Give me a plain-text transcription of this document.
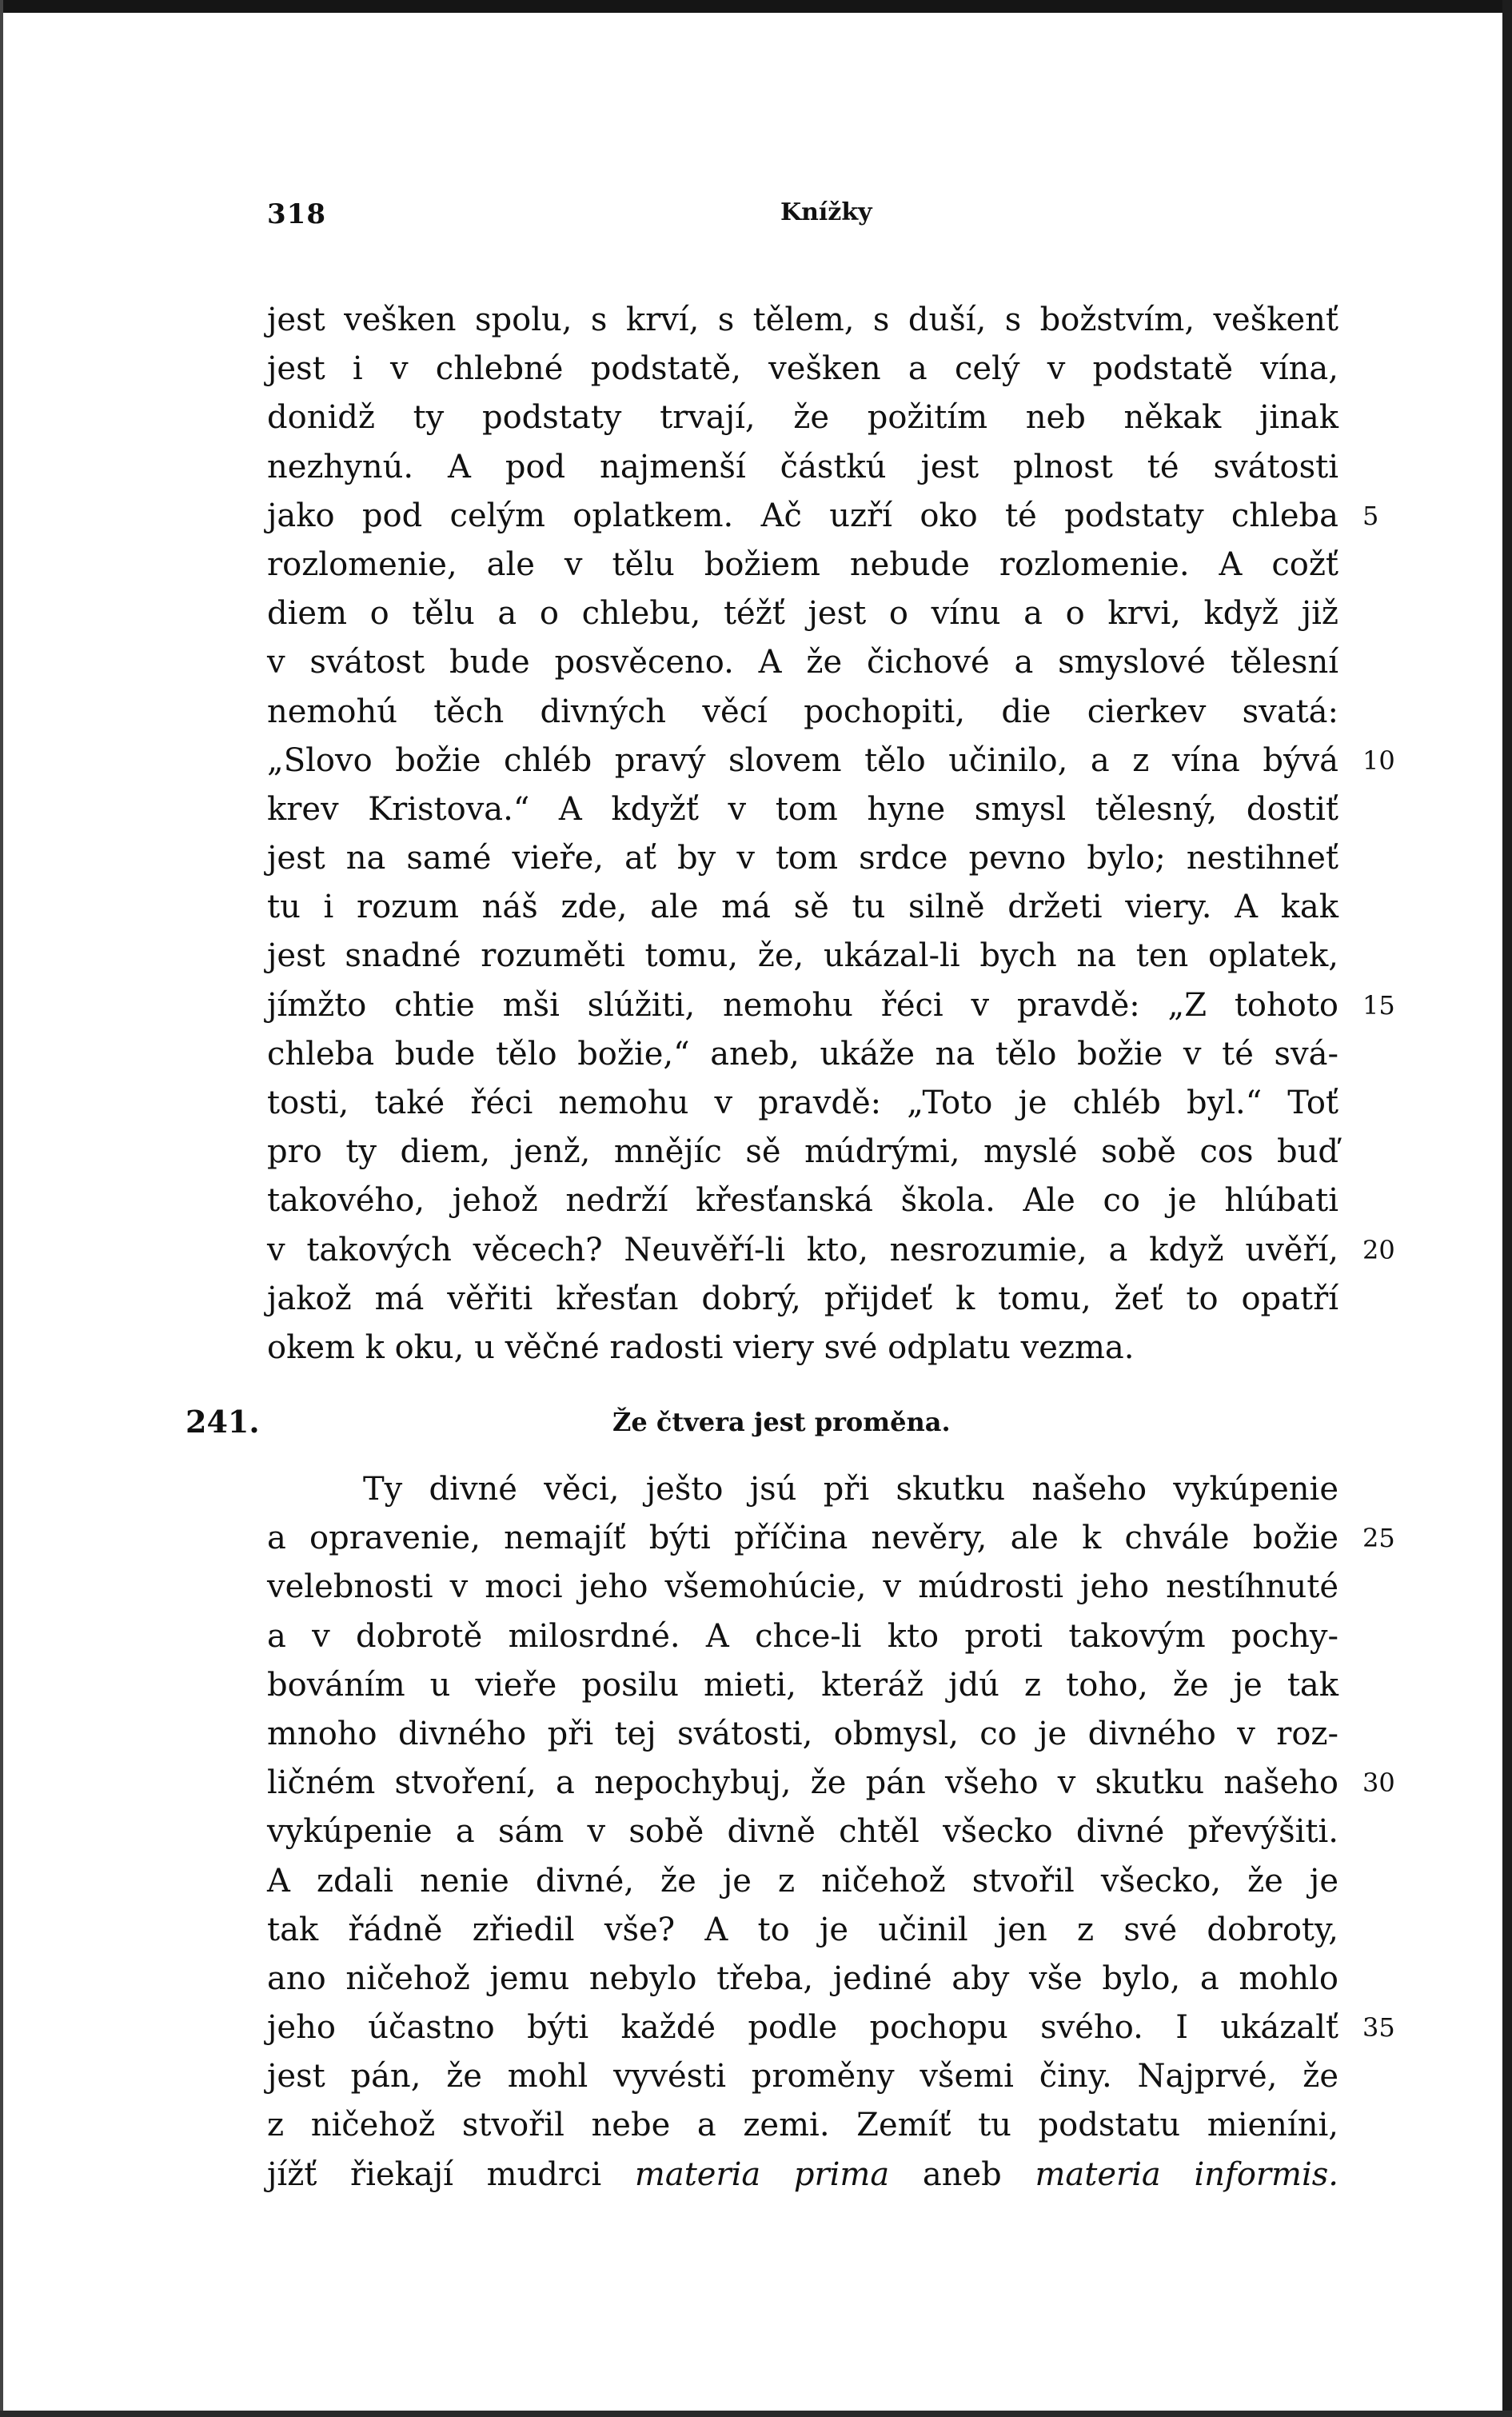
318	Knížky
jest vešken spolu, s krví, s tělem, s duší, s božstvím, veškenť
jest i v chlebné podstatě, vešken a celý v podstatě vína,
donidž ty podstaty trvají, že požitím neb někak jinak
nezhynú. A pod najmenší částkú jest plnost té svátosti
jako pod celým oplatkem. Ač uzří oko té podstaty chleba 5
rozlomenie, ale v tělu božiem nebude rozlomenie. A cožť
diem o tělu a o chlebu, téžť jest o vínu a o krvi, když již
v svátost bude posvěceno. A že čichové a smyslové tělesní
nemohú těch divných věcí pochopiti, die cierkev svatá:
„Slovo božie chléb pravý slovem tělo učinilo, a z vína bývá 10
krev Kristova.“ A kdyžť v tom hyne smysl tělesný, dostiť
jest na samé vieře, ať by v tom srdce pevno bylo; nestihneť
tu i rozum náš zde, ale má sě tu silně držeti viery. A kak
jest snadné rozuměti tomu, že, ukázal-li bych na ten oplatek,
jímžto chtie mši slúžiti, nemohu řéci v pravdě: „Z tohoto 15
chleba bude tělo božie,“ aneb, ukáže na tělo božie v té svá-
tosti, také řéci nemohu v pravdě: „Toto je chléb byl.“ Toť
pro ty diem, jenž, mnějíc sě múdrými, myslé sobě cos buď
takového, jehož nedrží křesťanská škola. Ale co je hlúbati
v takových věcech? Neuvěří-li kto, nesrozumie, a když uvěří, 20
jakož má věřiti křesťan dobrý, přijdeť k tomu, žeť to opatří
okem k oku, u věčné radosti viery své odplatu vezma.
241.	Že čtvera jest proměna.
Ty divné věci, ješto jsú při skutku našeho vykúpenie
a opravenie, nemajíť býti příčina nevěry, ale k chvále božie 25
velebnosti v moci jeho všemohúcie, v múdrosti jeho nestíhnuté
a v dobrotě milosrdné. A chce-li kto proti takovým pochy-
bováním u vieře posilu mieti, kteráž jdú z toho, že je tak
mnoho divného při tej svátosti, obmysl, co je divného v roz-
ličném stvoření, a nepochybuj, že pán všeho v skutku našeho 30
vykúpenie a sám v sobě divně chtěl všecko divné převýšiti.
A zdali nenie divné, že je z ničehož stvořil všecko, že je
tak řádně zřiedil vše? A to je učinil jen z své dobroty,
ano ničehož jemu nebylo třeba, jediné aby vše bylo, a mohlo
jeho účastno býti každé podle pochopu svého. I ukázalť 35
jest pán, že mohl vyvésti proměny všemi činy. Najprvé, že
z ničehož stvořil nebe a zemi. Zemíť tu podstatu mieníni,
jížť řiekají mudrci materia prima aneb materia informis.
